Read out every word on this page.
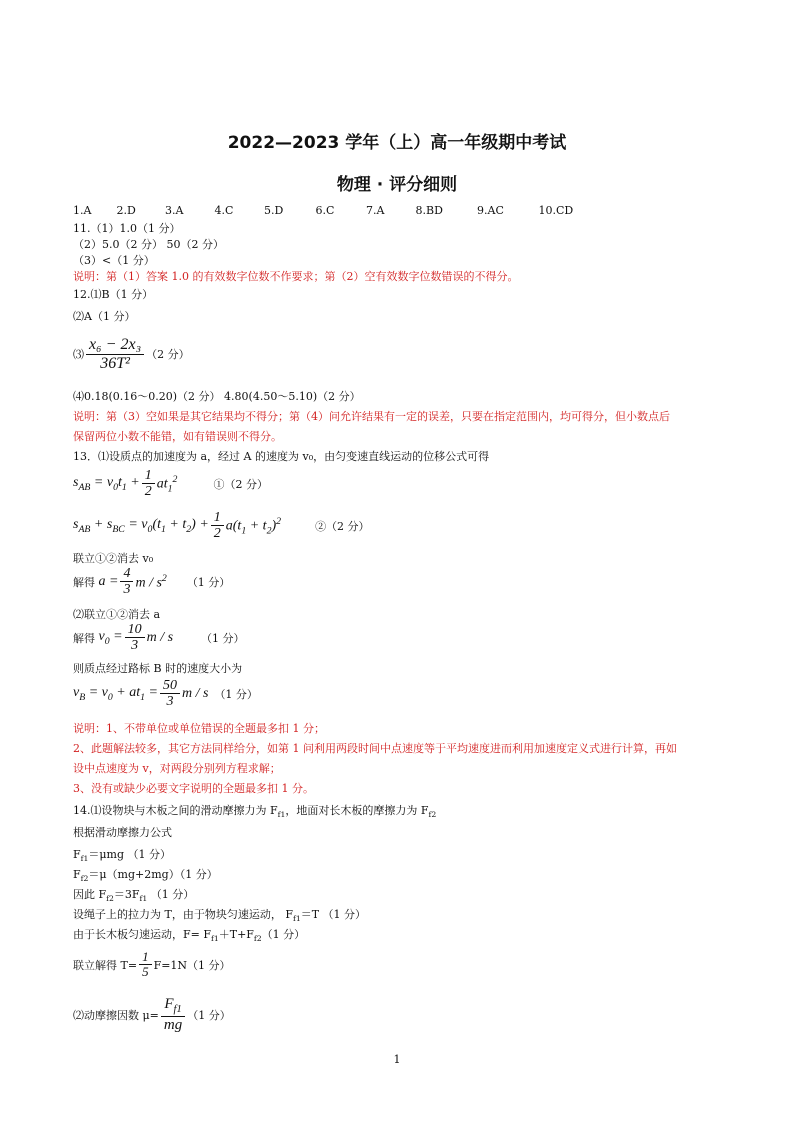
2022—2023 学年（上）高一年级期中考试
物理 · 评分细则
1.A 2.D	3.A	4.C	5.D	6.C	7.A	8.BD	9.AC	10.CD
11.（1）1.0（1 分）
（2）5.0（2 分） 50（2 分）
（3）<（1 分）
说明：第（1）答案 1.0 的有效数字位数不作要求；第（2）空有效数字位数错误的不得分。
12.⑴B（1 分）
⑵A（1 分）
⑶ $\frac{\text{x₆ − 2x₃}}{\text{36T²}} (2$ 分）
⑷0.18(0.16～0.20)（2 分） 4.80(4.50～5.10)（2 分）
说明：第（3）空如果是其它结果均不得分；第（4）问允许结果有一定的误差，只要在指定范围内，均可得分，但小数点后
保留两位小数不能错，如有错误则不得分。
13．⑴设质点的加速度为 a，经过 A 的速度为 v₀，由匀变速直线运动的位移公式可得
$s_{AB} = v_0t_1 + \frac{1}{2} at_1^2$	①（2 分）
$s_{AB} + s_{BC} = v_0(t_1 + t_2) + \frac{1}{2} a(t_1 + t_2)^2$	②（2 分）
联立①②消去 v₀
解得 $a = \frac{4}{3}$ m / $s^2$ （1 分）
⑵联立①②消去 a
解得 $v_0 = \frac{10}{3}$ m / s	（1 分）
则质点经过路标 B 时的速度大小为
$v_B = v_0 + at_1 = \frac{50}{3}$ m / s （1 分）
说明：1、不带单位或单位错误的全题最多扣 1 分；
2、此题解法较多，其它方法同样给分，如第 1 问利用两段时间中点速度等于平均速度进而利用加速度定义式进行计算，再如
设中点速度为 v，对两段分别列方程求解；
3、没有或缺少必要文字说明的全题最多扣 1 分。
14.⑴设物块与木板之间的滑动摩擦力为 $F_{f1}$，地面对长木板的摩擦力为 $F_{f2}$
根据滑动摩擦力公式
$F_{f1}=\mu mg$ （1 分）
$F_{f2}=\mu(mg+2mg)(1$ 分）
因此 $F_{f2}=3F_{f1}$ （1 分）
设绳子上的拉力为 T，由于物块匀速运动， $F_{f1}=T$ （1 分）
由于长木板匀速运动，$F= F_{f1}+T+F_{f2}(1$ 分）
联立解得 $T= \frac{1}{5} F=1N(1$ 分）
⑵动摩擦因数 $\mu= \frac{F_{f1}}{mg} (1$ 分）
1
